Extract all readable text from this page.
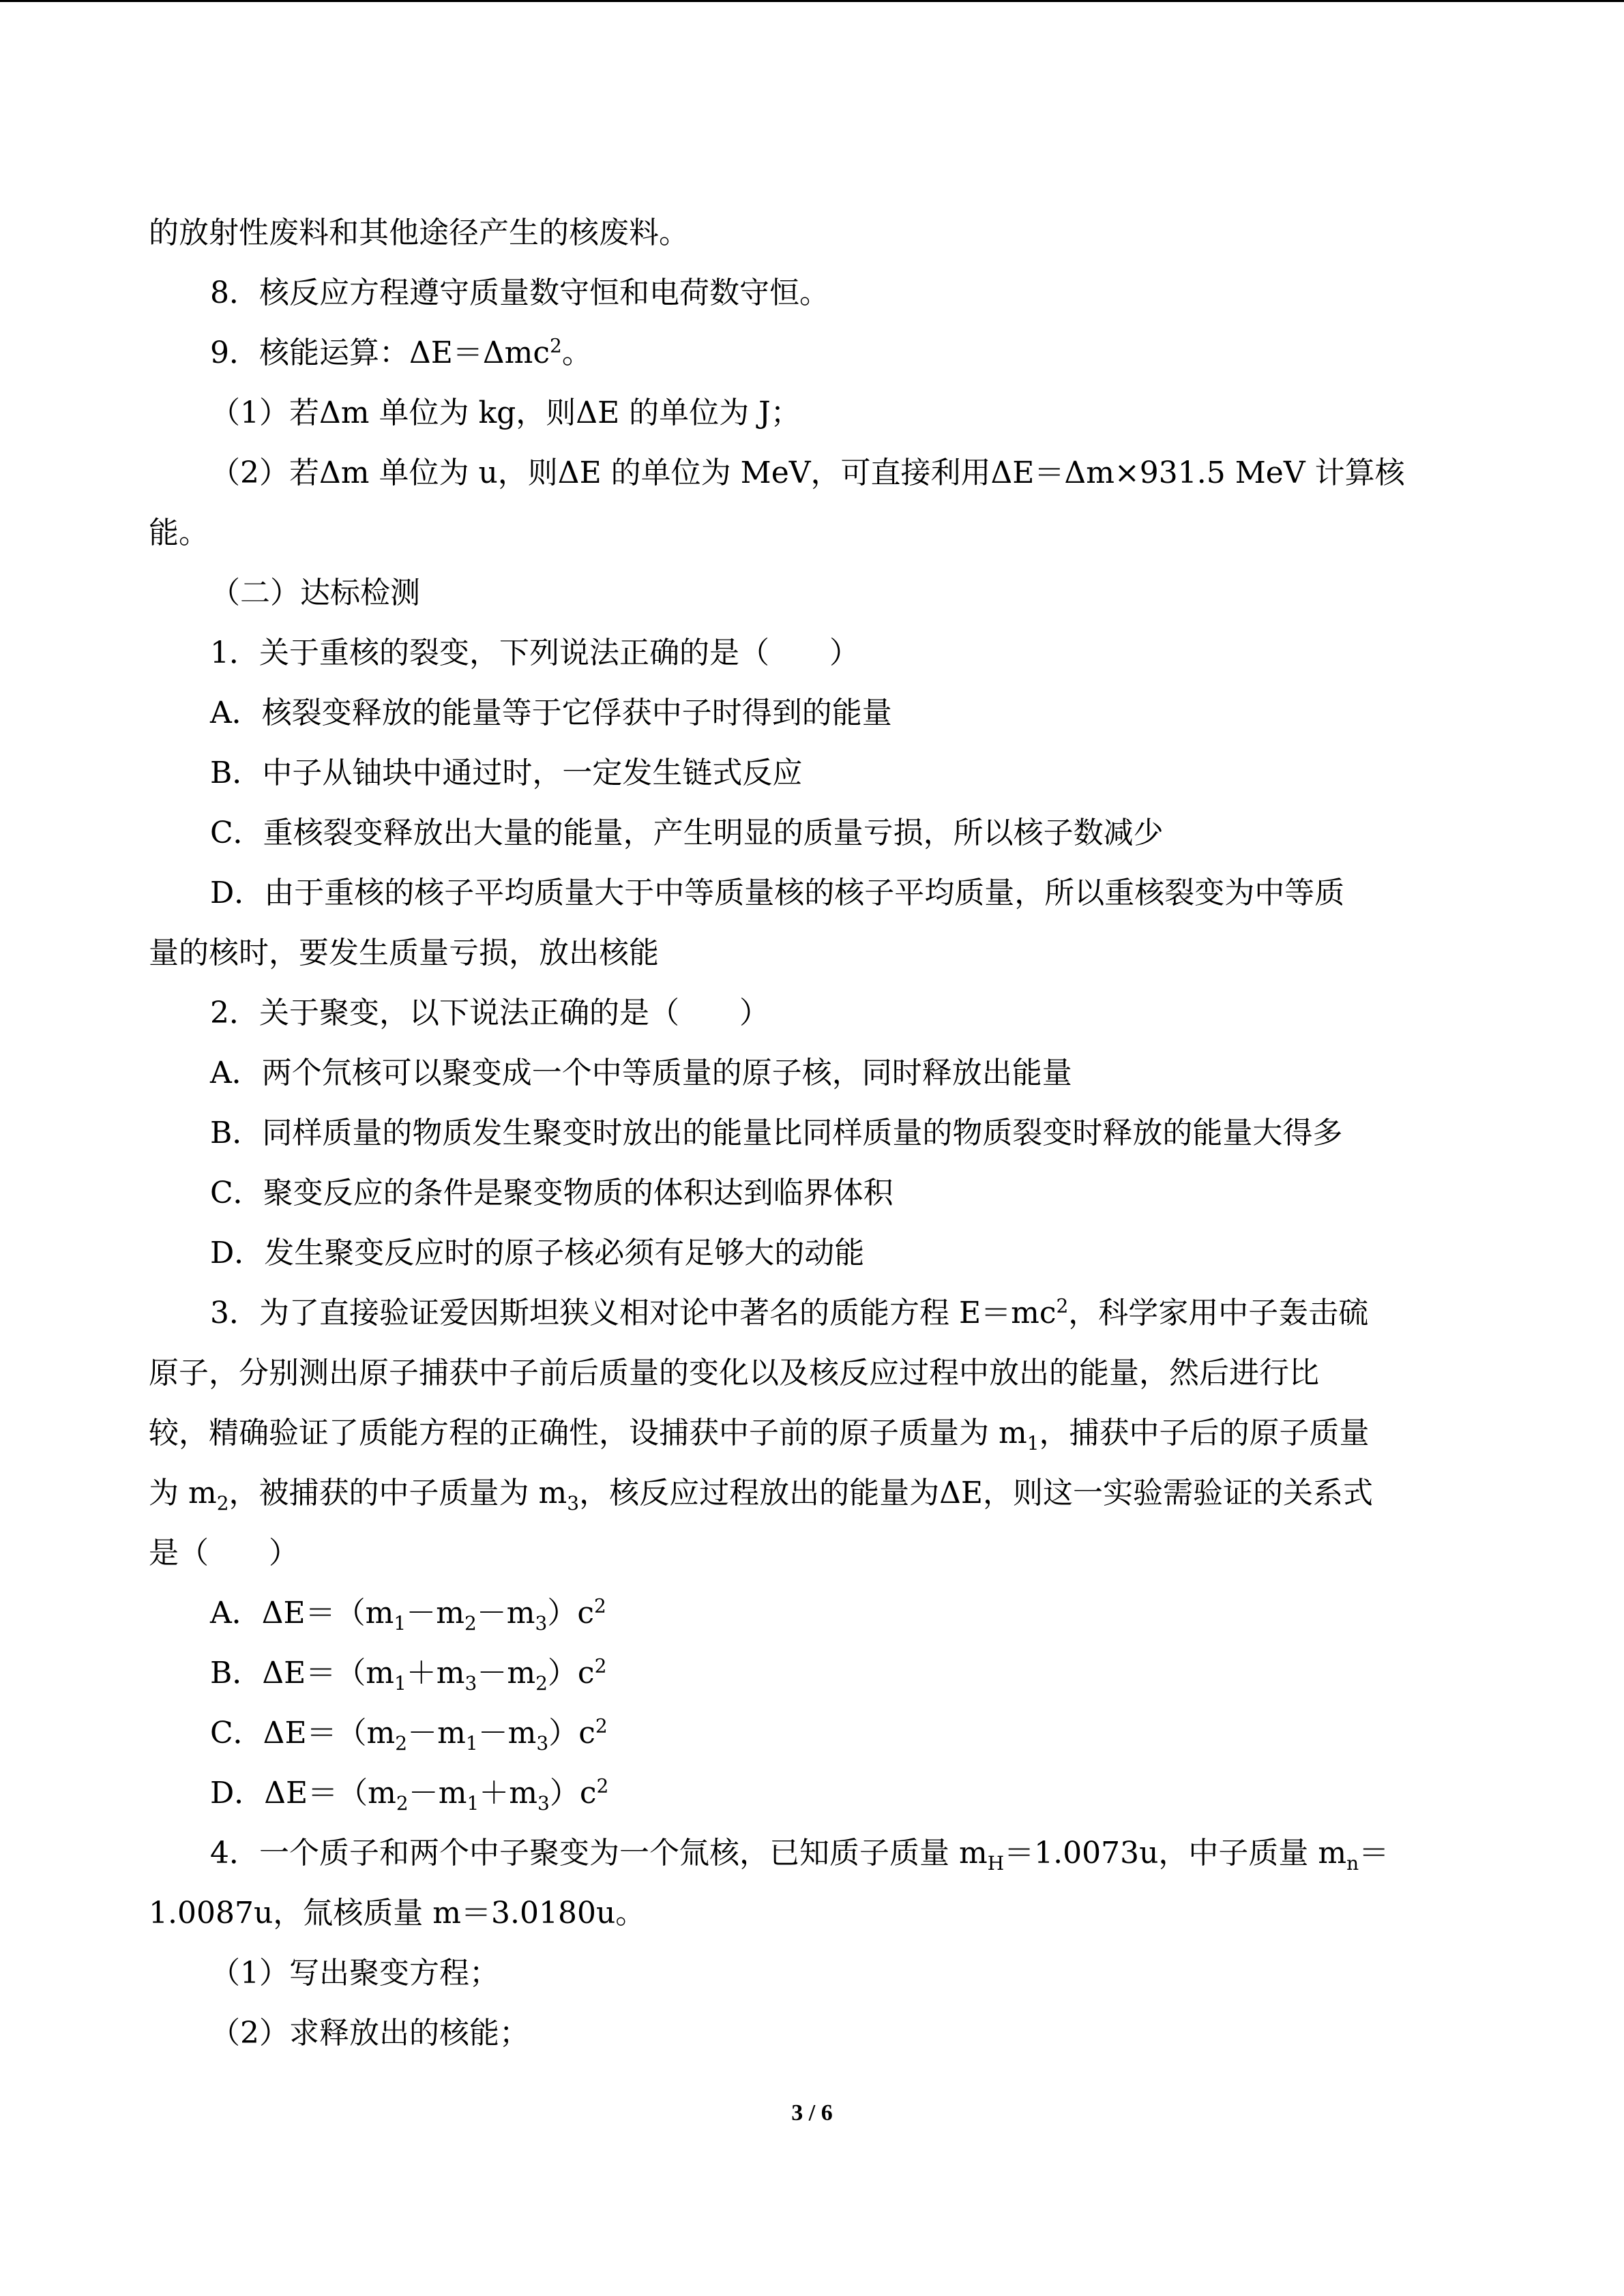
的放射性废料和其他途径产生的核废料。
8．核反应方程遵守质量数守恒和电荷数守恒。
9．核能运算：ΔE＝Δmc$^2$。
（1）若Δm 单位为 kg，则ΔE 的单位为 J；
（2）若Δm 单位为 u，则ΔE 的单位为 MeV，可直接利用ΔE＝Δm×931.5 MeV 计算核
能。
（二）达标检测
1．关于重核的裂变，下列说法正确的是（　　）
A．核裂变释放的能量等于它俘获中子时得到的能量
B．中子从铀块中通过时，一定发生链式反应
C．重核裂变释放出大量的能量，产生明显的质量亏损，所以核子数减少
D．由于重核的核子平均质量大于中等质量核的核子平均质量，所以重核裂变为中等质
量的核时，要发生质量亏损，放出核能
2．关于聚变，以下说法正确的是（　　）
A．两个氘核可以聚变成一个中等质量的原子核，同时释放出能量
B．同样质量的物质发生聚变时放出的能量比同样质量的物质裂变时释放的能量大得多
C．聚变反应的条件是聚变物质的体积达到临界体积
D．发生聚变反应时的原子核必须有足够大的动能
3．为了直接验证爱因斯坦狭义相对论中著名的质能方程 $E=mc^2$，科学家用中子轰击硫
原子，分别测出原子捕获中子前后质量的变化以及核反应过程中放出的能量，然后进行比
较，精确验证了质能方程的正确性，设捕获中子前的原子质量为 $m_1$，捕获中子后的原子质量
为 $m_2$，被捕获的中子质量为 $m_3$，核反应过程放出的能量为ΔE，则这一实验需验证的关系式
是（　　）
A．$\Delta E=(m_1-m_2-m_3)c^2$
B．$\Delta E=(m_1+m_3-m_2)c^2$
C．$\Delta E=(m_2-m_1-m_3)c^2$
D．$\Delta E=(m_2-m_1+m_3)c^2$
4．一个质子和两个中子聚变为一个氚核，已知质子质量 $m_H=1.0073u$，中子质量 $m_n=$
1.0087u，氚核质量 m＝3.0180u。
（1）写出聚变方程；
（2）求释放出的核能；
3 / 6
